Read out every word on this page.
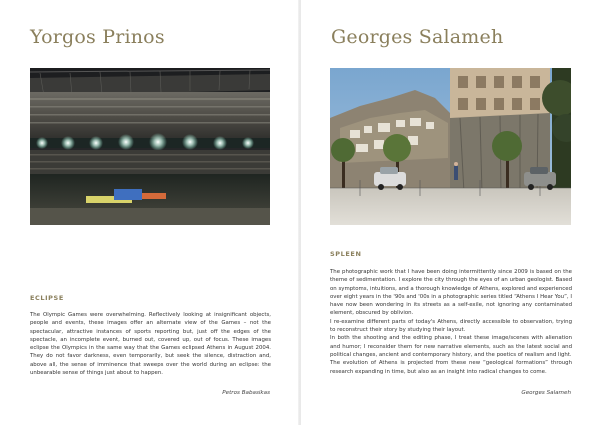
Yorgos Prinos
ECLIPSE

The Olympic Games were overwhelming. Reflectively looking at insignificant objects, people and events, these images offer an alternate view of the Games – not the spectacular, attractive instances of sports reporting but, just off the edges of the spectacle, an incomplete event, burned out, covered up, out of focus. These images eclipse the Olympics in the same way that the Games eclipsed Athens in August 2004. They do not favor darkness, even temporarily, but seek the silence, distraction and, above all, the sense of imminence that sweeps over the world during an eclipse: the unbearable sense of things just about to happen.

Petros Babasikas
Georges Salameh
SPLEEN

The photographic work that I have been doing intermittently since 2009 is based on the theme of sedimentation. I explore the city through the eyes of an urban geologist. Based on symptoms, intuitions, and a thorough knowledge of Athens, explored and experienced over eight years in the '90s and '00s in a photographic series titled “Athens I Hear You”, I have now been wondering in its streets as a self-exile, not ignoring any contaminated element, obscured by oblivion.

I re-examine different parts of today's Athens, directly accessible to observation, trying to reconstruct their story by studying their layout.

In both the shooting and the editing phase, I treat these image/scenes with alienation and humor; I reconsider them for new narrative elements, such as the latest social and political changes, ancient and contemporary history, and the poetics of realism and light.

The evolution of Athens is projected from these new “geological formations” through research expanding in time, but also as an insight into radical changes to come.

Georges Salameh
